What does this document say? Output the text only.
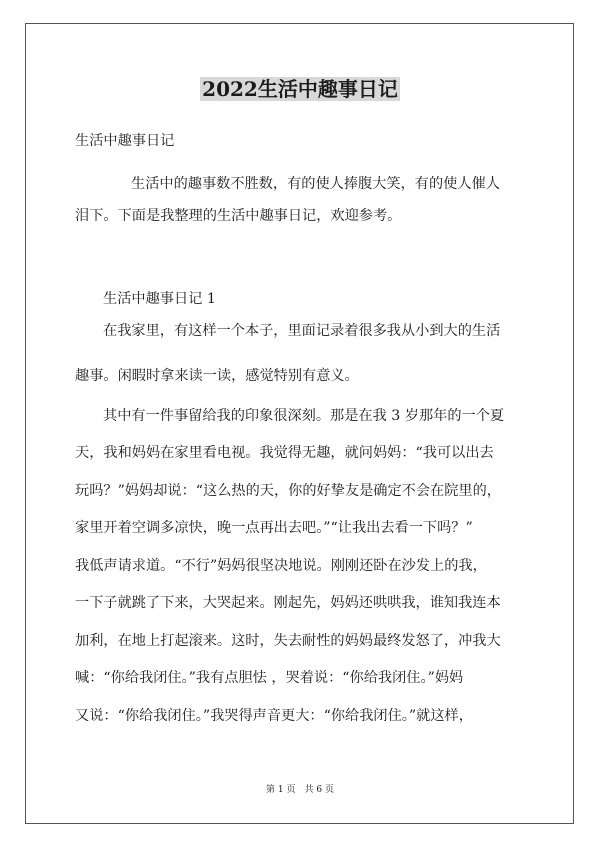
2022生活中趣事日记
生活中趣事日记
生活中的趣事数不胜数，有的使人捧腹大笑，有的使人催人
泪下。下面是我整理的生活中趣事日记，欢迎参考。
生活中趣事日记 1
在我家里，有这样一个本子，里面记录着很多我从小到大的生活
趣事。闲暇时拿来读一读，感觉特别有意义。
其中有一件事留给我的印象很深刻。那是在我 3 岁那年的一个夏
天，我和妈妈在家里看电视。我觉得无趣，就问妈妈：“我可以出去
玩吗？”妈妈却说：“这么热的天，你的好挚友是确定不会在院里的，
家里开着空调多凉快，晚一点再出去吧。”“让我出去看一下吗？”
我低声请求道。“不行”妈妈很坚决地说。刚刚还卧在沙发上的我，
一下子就跳了下来，大哭起来。刚起先，妈妈还哄哄我，谁知我连本
加利，在地上打起滚来。这时，失去耐性的妈妈最终发怒了，冲我大
喊：“你给我闭住。”我有点胆怯 ，哭着说：“你给我闭住。”妈妈
又说：“你给我闭住。”我哭得声音更大：“你给我闭住。”就这样，
第 1 页　共 6 页
